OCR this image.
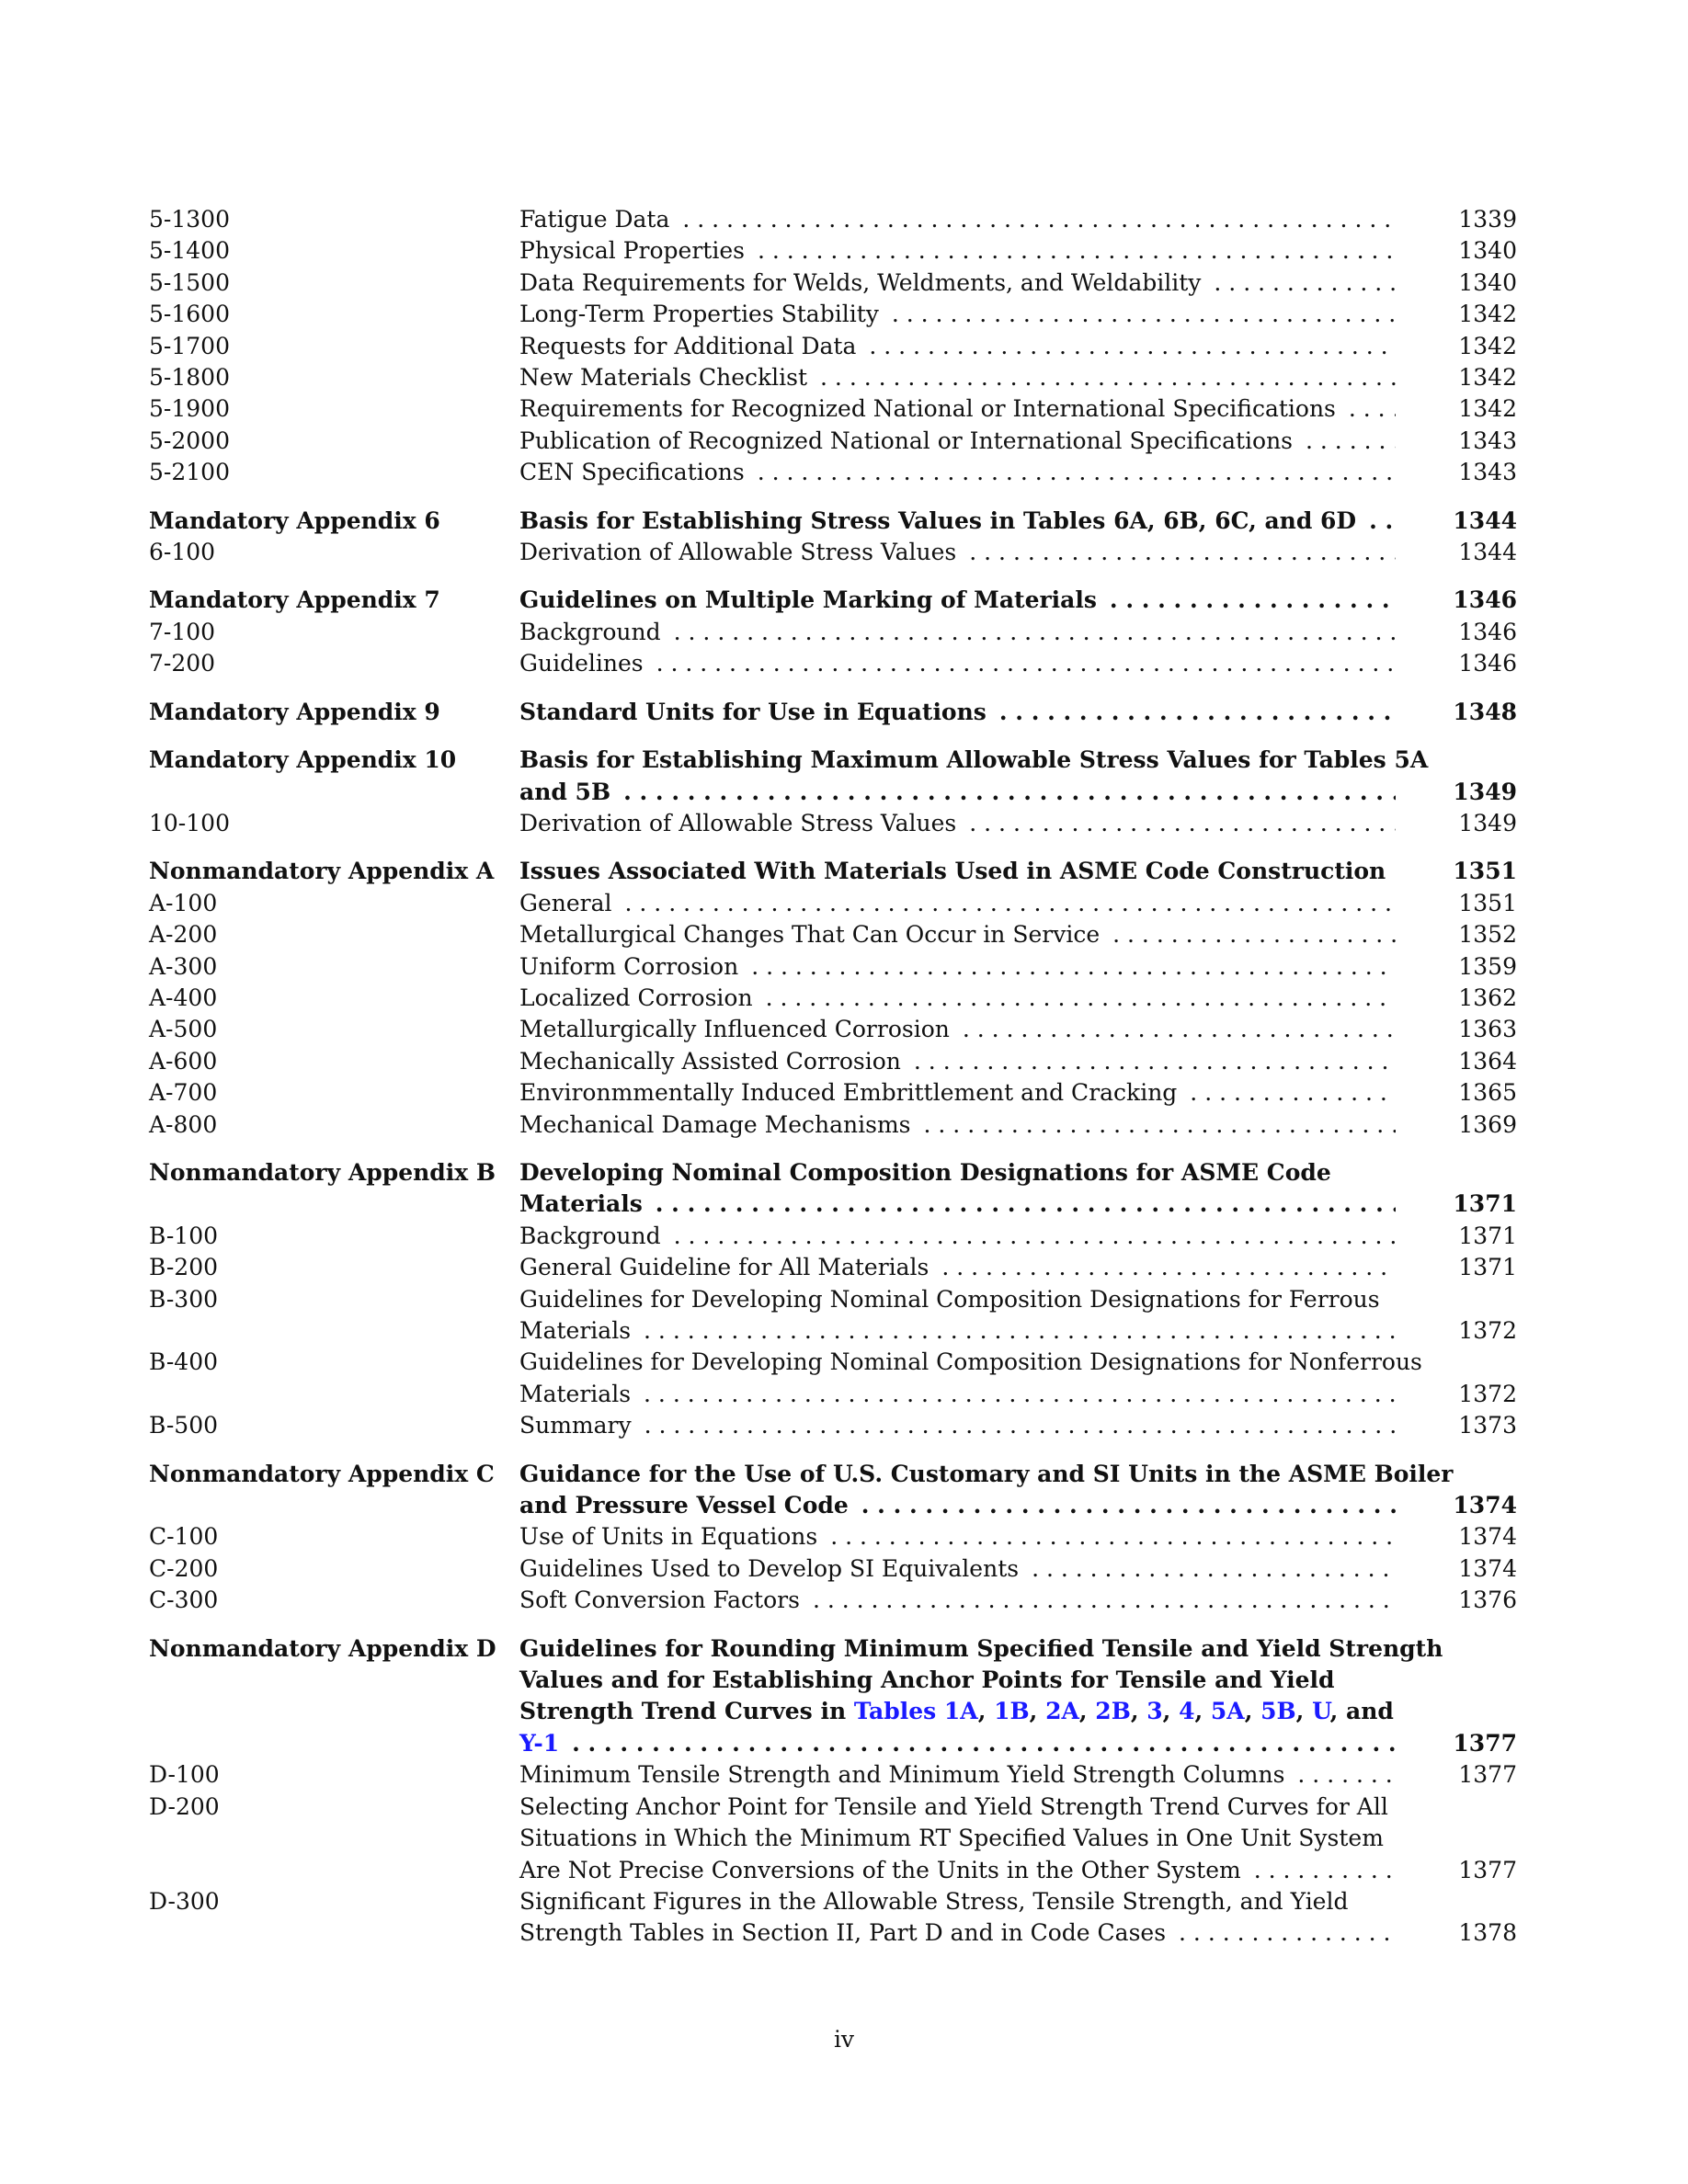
5-1300	Fatigue Data . . .	1339
5-1400	Physical Properties . . .	1340
5-1500	Data Requirements for Welds, Weldments, and Weldability . . .	1340
5-1600	Long-Term Properties Stability . . .	1342
5-1700	Requests for Additional Data . . .	1342
5-1800	New Materials Checklist . . .	1342
5-1900	Requirements for Recognized National or International Specifications . . .	1342
5-2000	Publication of Recognized National or International Specifications . . .	1343
5-2100	CEN Specifications . . .	1343
Mandatory Appendix 6	Basis for Establishing Stress Values in Tables 6A, 6B, 6C, and 6D . . .	1344
6-100	Derivation of Allowable Stress Values . . .	1344
Mandatory Appendix 7	Guidelines on Multiple Marking of Materials . . .	1346
7-100	Background . . .	1346
7-200	Guidelines . . .	1346
Mandatory Appendix 9	Standard Units for Use in Equations . . .	1348
Mandatory Appendix 10	Basis for Establishing Maximum Allowable Stress Values for Tables 5A
and 5B . . .	1349
10-100	Derivation of Allowable Stress Values . . .	1349
Nonmandatory Appendix A	Issues Associated With Materials Used in ASME Code Construction	1351
A-100	General . . .	1351
A-200	Metallurgical Changes That Can Occur in Service . . .	1352
A-300	Uniform Corrosion . . .	1359
A-400	Localized Corrosion . . .	1362
A-500	Metallurgically Influenced Corrosion . . .	1363
A-600	Mechanically Assisted Corrosion . . .	1364
A-700	Environmmentally Induced Embrittlement and Cracking . . .	1365
A-800	Mechanical Damage Mechanisms . . .	1369
Nonmandatory Appendix B	Developing Nominal Composition Designations for ASME Code
Materials . . .	1371
B-100	Background . . .	1371
B-200	General Guideline for All Materials . . .	1371
B-300	Guidelines for Developing Nominal Composition Designations for Ferrous
Materials . . .	1372
B-400	Guidelines for Developing Nominal Composition Designations for Nonferrous
Materials . . .	1372
B-500	Summary . . .	1373
Nonmandatory Appendix C	Guidance for the Use of U.S. Customary and SI Units in the ASME Boiler
and Pressure Vessel Code . . .	1374
C-100	Use of Units in Equations . . .	1374
C-200	Guidelines Used to Develop SI Equivalents . . .	1374
C-300	Soft Conversion Factors . . .	1376
Nonmandatory Appendix D	Guidelines for Rounding Minimum Specified Tensile and Yield Strength
Values and for Establishing Anchor Points for Tensile and Yield
Strength Trend Curves in Tables 1A, 1B, 2A, 2B, 3, 4, 5A, 5B, U, and
Y-1 . . .	1377
D-100	Minimum Tensile Strength and Minimum Yield Strength Columns . . .	1377
D-200	Selecting Anchor Point for Tensile and Yield Strength Trend Curves for All
Situations in Which the Minimum RT Specified Values in One Unit System
Are Not Precise Conversions of the Units in the Other System . . .	1377
D-300	Significant Figures in the Allowable Stress, Tensile Strength, and Yield
Strength Tables in Section II, Part D and in Code Cases . . .	1378
iv
